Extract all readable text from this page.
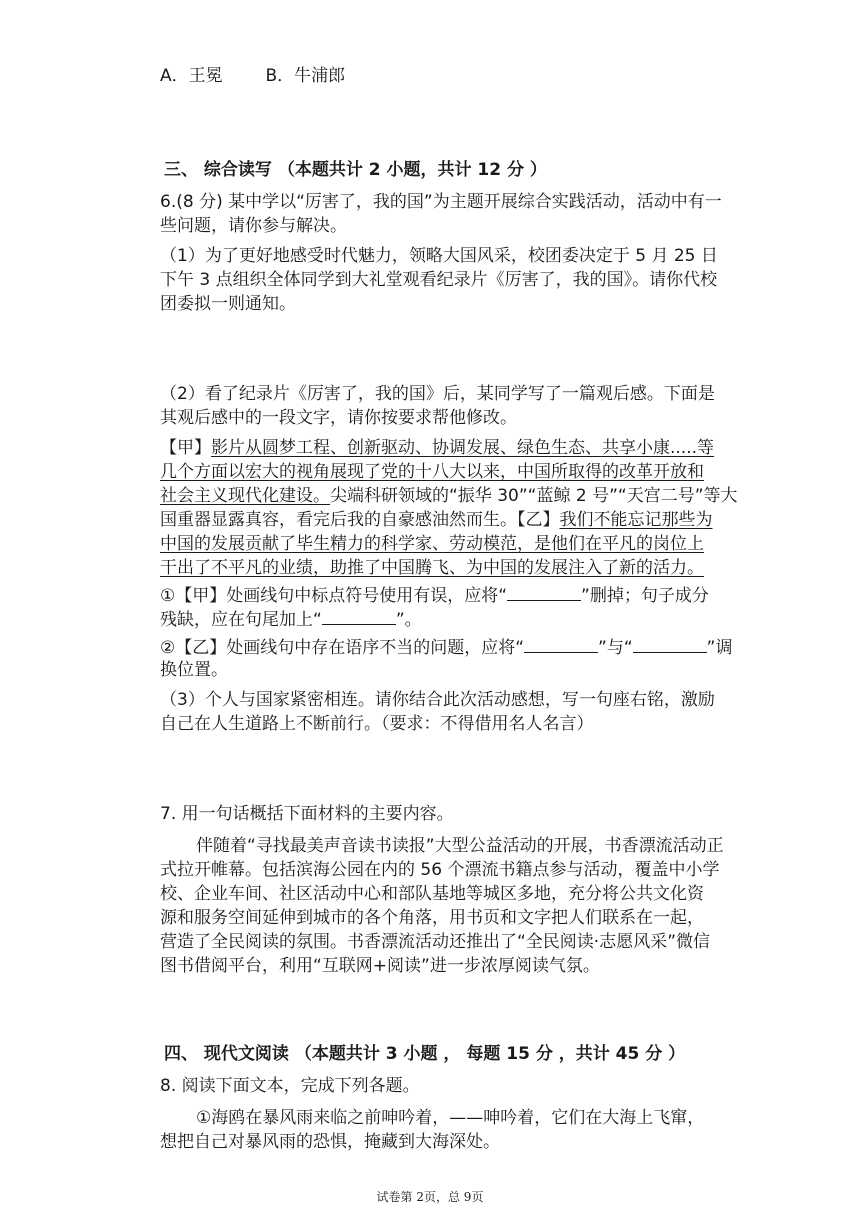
A．王冕	B．牛浦郎
三、 综合读写 （本题共计 2 小题，共计 12 分 ）
6.(8 分) 某中学以“厉害了，我的国”为主题开展综合实践活动，活动中有一
些问题，请你参与解决。
（1）为了更好地感受时代魅力，领略大国风采，校团委决定于 5 月 25 日
下午 3 点组织全体同学到大礼堂观看纪录片《厉害了，我的国》。请你代校
团委拟一则通知。
（2）看了纪录片《厉害了，我的国》后，某同学写了一篇观后感。下面是
其观后感中的一段文字，请你按要求帮他修改。
【甲】影片从圆梦工程、创新驱动、协调发展、绿色生态、共享小康.....等
几个方面以宏大的视角展现了党的十八大以来，中国所取得的改革开放和
社会主义现代化建设。尖端科研领域的“振华 30”“蓝鲸 2 号”“天宫二号”等大
国重器显露真容，看完后我的自豪感油然而生。【乙】我们不能忘记那些为
中国的发展贡献了毕生精力的科学家、劳动模范，是他们在平凡的岗位上
干出了不平凡的业绩，助推了中国腾飞、为中国的发展注入了新的活力。
①【甲】处画线句中标点符号使用有误，应将“	”删掉；句子成分
残缺，应在句尾加上“	”。
②【乙】处画线句中存在语序不当的问题，应将“	”与“	”调
换位置。
（3）个人与国家紧密相连。请你结合此次活动感想，写一句座右铭，激励
自己在人生道路上不断前行。（要求：不得借用名人名言）
7. 用一句话概括下面材料的主要内容。
伴随着“寻找最美声音读书读报”大型公益活动的开展，书香漂流活动正
式拉开帷幕。包括滨海公园在内的 56 个漂流书籍点参与活动，覆盖中小学
校、企业车间、社区活动中心和部队基地等城区多地，充分将公共文化资
源和服务空间延伸到城市的各个角落，用书页和文字把人们联系在一起，
营造了全民阅读的氛围。书香漂流活动还推出了“全民阅读·志愿风采”微信
图书借阅平台，利用“互联网+阅读”进一步浓厚阅读气氛。
四、 现代文阅读 （本题共计 3 小题 ， 每题 15 分 ，共计 45 分 ）
8. 阅读下面文本，完成下列各题。
①海鸥在暴风雨来临之前呻吟着，——呻吟着，它们在大海上飞窜，
想把自己对暴风雨的恐惧，掩藏到大海深处。
试卷第 2页，总 9页
